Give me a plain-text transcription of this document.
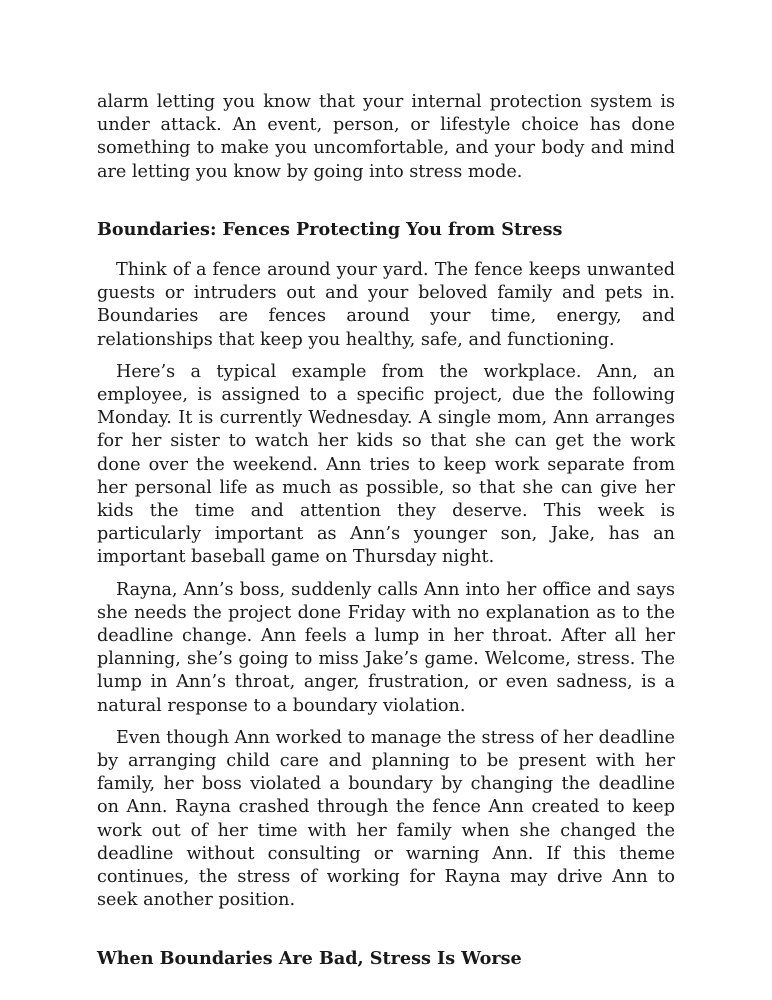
alarm letting you know that your internal protection system is under attack. An event, person, or lifestyle choice has done something to make you uncomfortable, and your body and mind are letting you know by going into stress mode.

Boundaries: Fences Protecting You from Stress

Think of a fence around your yard. The fence keeps unwanted guests or intruders out and your beloved family and pets in. Boundaries are fences around your time, energy, and relationships that keep you healthy, safe, and functioning.

Here’s a typical example from the workplace. Ann, an employee, is assigned to a specific project, due the following Monday. It is currently Wednesday. A single mom, Ann arranges for her sister to watch her kids so that she can get the work done over the weekend. Ann tries to keep work separate from her personal life as much as possible, so that she can give her kids the time and attention they deserve. This week is particularly important as Ann’s younger son, Jake, has an important baseball game on Thursday night.

Rayna, Ann’s boss, suddenly calls Ann into her office and says she needs the project done Friday with no explanation as to the deadline change. Ann feels a lump in her throat. After all her planning, she’s going to miss Jake’s game. Welcome, stress. The lump in Ann’s throat, anger, frustration, or even sadness, is a natural response to a boundary violation.

Even though Ann worked to manage the stress of her deadline by arranging child care and planning to be present with her family, her boss violated a boundary by changing the deadline on Ann. Rayna crashed through the fence Ann created to keep work out of her time with her family when she changed the deadline without consulting or warning Ann. If this theme continues, the stress of working for Rayna may drive Ann to seek another position.

When Boundaries Are Bad, Stress Is Worse
